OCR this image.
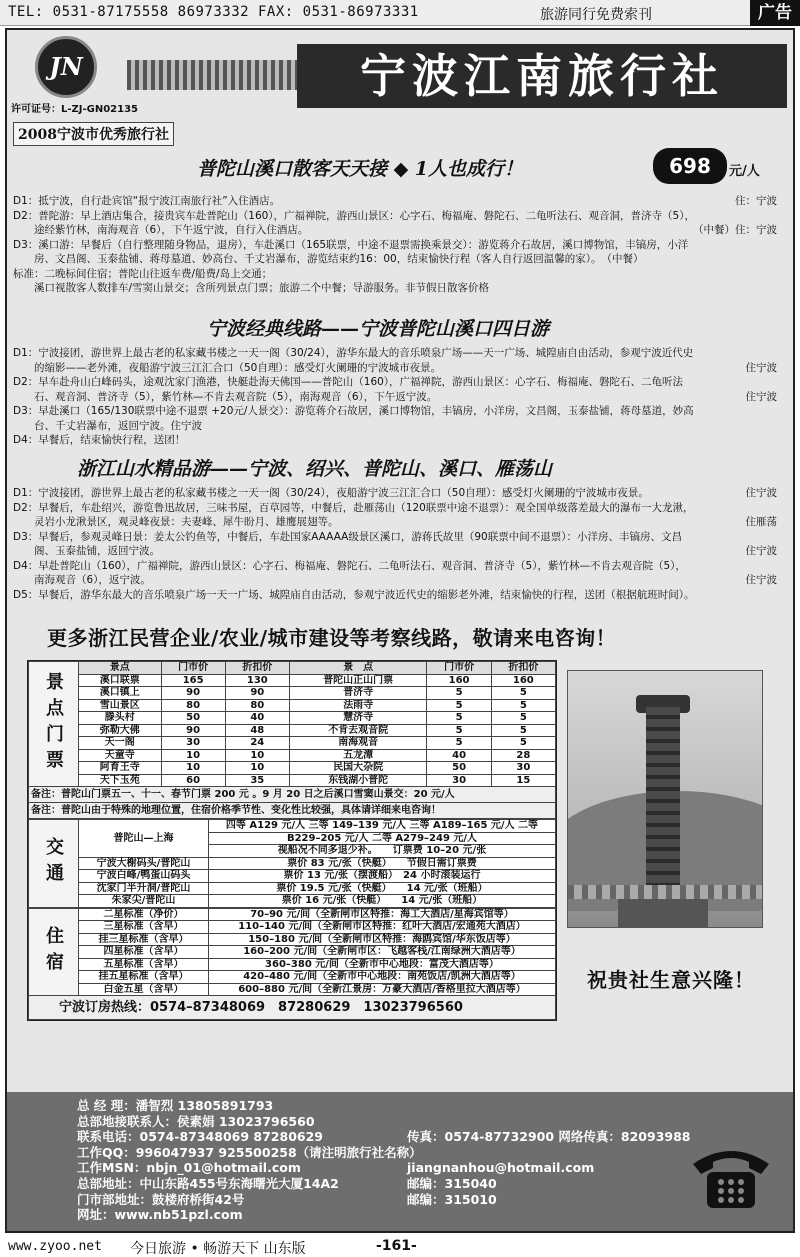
TEL: 0531-87175558 86973332 FAX: 0531-86973331	旅游同行免费索刊	广告
JN
许可证号：L-ZJ-GN02135
宁波江南旅行社
2008宁波市优秀旅行社
普陀山溪口散客天天接 ◆ 1人也成行！	698	元/人
D1：抵宁波，自行赴宾馆“报宁波江南旅行社”入住酒店。	住：宁波
D2：普陀游：早上酒店集合，接贵宾车赴普陀山（160），广福禅院，游西山景区：心字石、梅福庵、磐陀石、二龟听法石、观音洞，普济寺（5），
　　途经紫竹林，南海观音（6），下午返宁波，自行入住酒店。	（中餐）住：宁波
D3：溪口游：早餐后（自行整理随身物品，退房），车赴溪口（165联票，中途不退票需换乘景交）：游览蒋介石故居，溪口博物馆，丰镐房，小洋
　　房、文昌阁、玉泰盐铺、蒋母墓道、妙高台、千丈岩瀑布，游览结束约16：00，结束愉快行程（客人自行返回温馨的家）。　（中餐）
标准：二晚标间住宿；普陀山往返车费/船费/岛上交通；
　　溪口视散客人数排车/雪窦山景交；含所列景点门票；旅游二个中餐；导游服务。非节假日散客价格
宁波经典线路——宁波普陀山溪口四日游
D1：宁波接团，游世界上最古老的私家藏书楼之一天一阁（30/24），游华东最大的音乐喷泉广场——天一广场、城隍庙自由活动，参观宁波近代史
　　的缩影——老外滩，夜船游宁波三江汇合口（50自理）：感受灯火阑珊的宁波城市夜景。	住宁波
D2：早车赴舟山白峰码头，途观沈家门渔港，快艇赴海天佛国——普陀山（160），广福禅院，游西山景区：心字石、梅福庵、磐陀石、二龟听法
　　石、观音洞、普济寺（5），紫竹林—不肯去观音院（5），南海观音（6），下午返宁波。	住宁波
D3：早赴溪口（165/130联票中途不退票 +20元/人景交）：游览蒋介石故居，溪口博物馆，丰镐房，小洋房，文昌阁，玉泰盐铺，蒋母墓道，妙高
　　台、千丈岩瀑布，返回宁波。住宁波
D4：早餐后，结束愉快行程，送团！
浙江山水精品游——宁波、绍兴、普陀山、溪口、雁荡山
D1：宁波接团，游世界上最古老的私家藏书楼之一天一阁（30/24），夜船游宁波三江汇合口（50自理）：感受灯火阑珊的宁波城市夜景。	住宁波
D2：早餐后，车赴绍兴，游览鲁迅故居，三味书屋，百草园等，中餐后，赴雁荡山（120联票中途不退票）：观全国单级落差最大的瀑布一大龙湫，
　　灵岩小龙湫景区，观灵峰夜景：夫妻峰、犀牛盼月、雄鹰展翅等。	住雁荡
D3：早餐后，参观灵峰日景：姜太公钓鱼等，中餐后，车赴国家AAAAA级景区溪口，游蒋氏故里（90联票中间不退票）：小洋房、丰镐房、文昌
　　阁、玉泰盐铺，返回宁波。	住宁波
D4：早赴普陀山（160），广福禅院，游西山景区：心字石、梅福庵、磐陀石、二龟听法石、观音洞、普济寺（5），紫竹林—不肯去观音院（5），
　　南海观音（6），返宁波。	住宁波
D5：早餐后，游华东最大的音乐喷泉广场一天一广场、城隍庙自由活动，参观宁波近代史的缩影老外滩，结束愉快的行程，送团（根据航班时间）。
更多浙江民营企业/农业/城市建设等考察线路，敬请来电咨询！
景点门票	景点	门市价	折扣价	景　点	门市价	折扣价
	溪口联票	165	130	普陀山正山门票	160	160
	溪口镇上	90	90	普济寺	5	5
	雪山景区	80	80	法雨寺	5	5
	滕头村	50	40	慧济寺	5	5
	弥勒大佛	90	48	不肯去观音院	5	5
	天一阁	30	24	南海观音	5	5
	天童寺	10	10	五龙潭	40	28
	阿育王寺	10	10	民国大杂院	50	30
	天下玉苑	60	35	东钱湖小普陀	30	15
备注：普陀山门票五一、十一、春节门票 200 元 。9 月 20 日之后溪口雪窦山景交：20 元/人						
备注：普陀山由于特殊的地理位置，住宿价格季节性、变化性比较强，具体请详细来电咨询！						
交通	普陀山—上海	四等 A129 元/人 三等 149–139 元/人 三等 A189–165 元/人 二等
		B229–205 元/人 二等 A279–249 元/人
		视船况不同多退少补。　　订票费 10–20 元/张
	宁波大榭码头/普陀山	票价 83 元/张（快艇）　　节假日需订票费
	宁波白峰/鸭蛋山码头	票价 13 元/张（摆渡船）　24 小时滚装运行
	沈家门半升洞/普陀山	票价 19.5 元/张（快艇）　　14 元/张（班船）
	朱家尖/普陀山	票价 16 元/张（快艇）　　14 元/张（班船）
住宿	二星标准（净价）	70–90 元/间（全新闸市区特推：海工大酒店/星海宾馆等）
	三星标准（含早）	110–140 元/间（全新闸市区特推：红叶大酒店/宏通苑大酒店）
	挂三星标准（含早）	150–180 元/间（全新闸市区特推：海鸥宾馆/华东饭店等）
	四星标准（含早）	160–200 元/间（全新闸市区：飞越客栈/江南绿洲大酒店等）
	五星标准（含早）	360–380 元/间（全新市中心地段：富茂大酒店等）
	挂五星标准（含早）	420–480 元/间（全新市中心地段：南苑饭店/凯洲大酒店等）
	白金五星（含早）	600–880 元/间（全新江景房：万豪大酒店/香格里拉大酒店等）
宁波订房热线：0574–87348069　87280629　13023796560		
祝贵社生意兴隆！
总 经 理：潘智烈 13805891793
总部地接联系人：侯素娟 13023796560
联系电话：0574-87348069 87280629	传真：0574-87732900 网络传真：82093988
工作QQ：996047937 925500258（请注明旅行社名称）
工作MSN：nbjn_01@hotmail.com	jiangnanhou@hotmail.com
总部地址：中山东路455号东海曙光大厦14A2	邮编：315040
门市部地址：鼓楼府桥街42号	邮编：315010
网址：www.nb51pzl.com
www.zyoo.net 今日旅游 • 畅游天下 山东版	-161-
